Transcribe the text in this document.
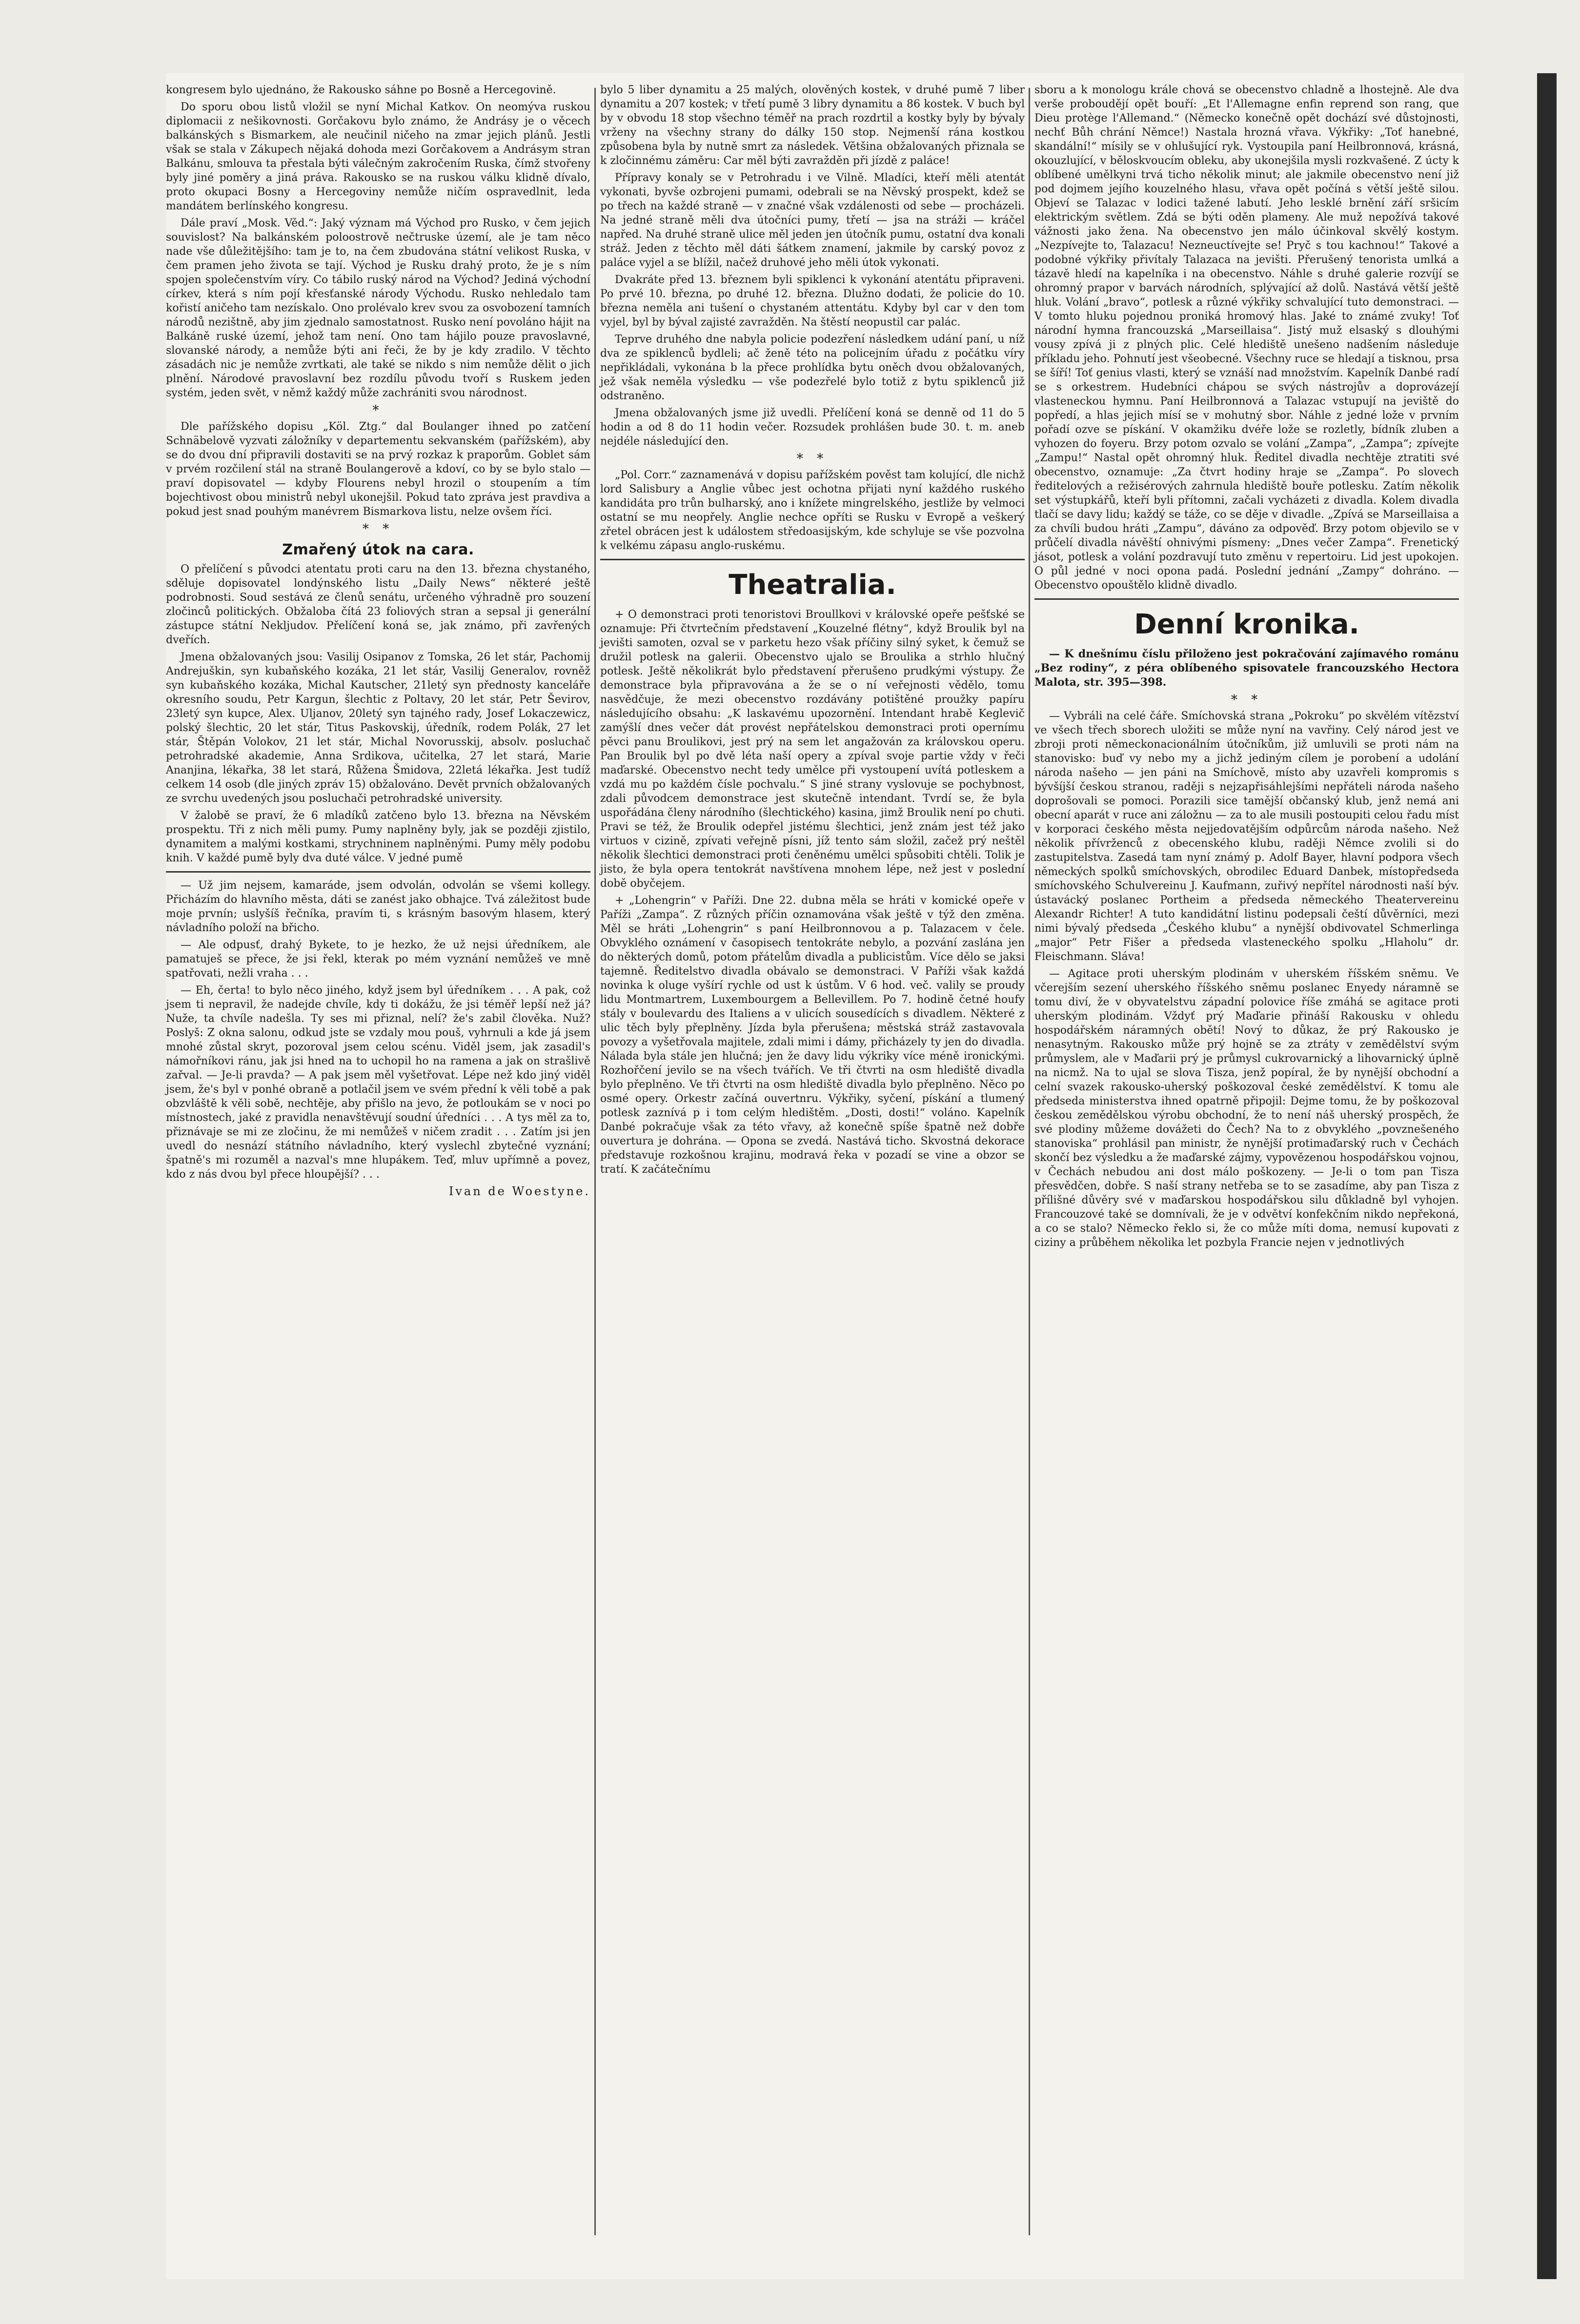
kongresem bylo ujednáno, že Rakousko sáhne po Bosně a Hercegovině.

Do sporu obou listů vložil se nyní Michal Katkov. On neomýva ruskou diplomacii z nešikovnosti. Gorčakovu bylo známo, že Andrásy je o věcech balkánských s Bismarkem, ale neučinil ničeho na zmar jejich plánů. Jestli však se stala v Zákupech nějaká dohoda mezi Gorčakovem a Andrásym stran Balkánu, smlouva ta přestala býti válečným zakročením Ruska, čímž stvořeny byly jiné poměry a jiná práva. Rakousko se na ruskou válku klidně dívalo, proto okupaci Bosny a Hercegoviny nemůže ničím ospravedlnit, leda mandátem berlínského kongresu.

Dále praví „Mosk. Věd.“: Jaký význam má Východ pro Rusko, v čem jejich souvislost? Na balkánském poloostrově nečtruske území, ale je tam něco nade vše důležitějšího: tam je to, na čem zbudována státní velikost Ruska, v čem pramen jeho života se tají. Východ je Rusku drahý proto, že je s ním spojen společenstvím víry. Co tábilo ruský národ na Východ? Jediná východní církev, která s ním pojí křesťanské národy Východu. Rusko nehledalo tam kořistí aničeho tam nezískalo. Ono prolévalo krev svou za osvobození tamních národů nezištně, aby jim zjednalo samostatnost. Rusko není povoláno hájit na Balkáně ruské území, jehož tam není. Ono tam hájilo pouze pravoslavné, slovanské národy, a nemůže býti ani řeči, že by je kdy zradilo. V těchto zásadách nic je nemůže zvrtkati, ale také se nikdo s nim nemůže dělit o jich plnění. Národové pravoslavní bez rozdílu původu tvoří s Ruskem jeden systém, jeden svět, v němž každý může zachrániti svou národnost.

*

Dle pařížského dopisu „Köl. Ztg.“ dal Boulanger ihned po zatčení Schnäbelově vyzvati záložníky v departementu sekvanském (pařížském), aby se do dvou dní připravili dostaviti se na prvý rozkaz k praporům. Goblet sám v prvém rozčilení stál na straně Boulangerově a kdoví, co by se bylo stalo — praví dopisovatel — kdyby Flourens nebyl hrozil o stoupením a tím bojechtivost obou ministrů nebyl ukonejšil. Pokud tato zpráva jest pravdiva a pokud jest snad pouhým manévrem Bismarkova listu, nelze ovšem říci.

* *
Zmařený útok na cara.

O přelíčení s původci atentatu proti caru na den 13. března chystaného, sděluje dopisovatel londýnského listu „Daily News“ některé ještě podrobnosti. Soud sestává ze členů senátu, určeného výhradně pro souzení zločinců politických. Obžaloba čítá 23 foliových stran a sepsal ji generální zástupce státní Nekljudov. Přelíčení koná se, jak známo, při zavřených dveřích.

Jmena obžalovaných jsou: Vasilij Osipanov z Tomska, 26 let stár, Pachomij Andrejuškin, syn kubaňského kozáka, 21 let stár, Vasilij Generalov, rovněž syn kubaňského kozáka, Michal Kautscher, 21letý syn přednosty kanceláře okresního soudu, Petr Kargun, šlechtic z Poltavy, 20 let stár, Petr Ševirov, 23letý syn kupce, Alex. Uljanov, 20letý syn tajného rady, Josef Lokaczewicz, polský šlechtic, 20 let stár, Titus Paskovskij, úředník, rodem Polák, 27 let stár, Štěpán Volokov, 21 let stár, Michal Novorusskij, absolv. posluchač petrohradské akademie, Anna Srdikova, učitelka, 27 let stará, Marie Ananjina, lékařka, 38 let stará, Růžena Šmidova, 22letá lékařka. Jest tudíž celkem 14 osob (dle jiných zpráv 15) obžalováno. Devět prvních obžalovaných ze svrchu uvedených jsou posluchači petrohradské university.

V žalobě se praví, že 6 mladíků zatčeno bylo 13. března na Něvském prospektu. Tři z nich měli pumy. Pumy naplněny byly, jak se později zjistilo, dynamitem a malými kostkami, strychninem naplněnými. Pumy měly podobu knih. V každé pumě byly dva duté válce. V jedné pumě

— Už jim nejsem, kamaráde, jsem odvolán, odvolán se všemi kollegy. Přicházím do hlavního města, dáti se zanést jako obhajce. Tvá záležitost bude moje prvnín; uslyšíš řečníka, pravím ti, s krásným basovým hlasem, který návladního položí na břicho.

— Ale odpusť, drahý Bykete, to je hezko, že už nejsi úředníkem, ale pamatuješ se přece, že jsi řekl, kterak po mém vyznání nemůžeš ve mně spatřovati, nežli vraha . . .

— Eh, čerta! to bylo něco jiného, když jsem byl úředníkem . . . A pak, což jsem ti nepravil, že nadejde chvíle, kdy ti dokážu, že jsi téměř lepší než já? Nuže, ta chvíle nadešla. Ty ses mi přiznal, nelí? že's zabil člověka. Nuž? Poslyš: Z okna salonu, odkud jste se vzdaly mou pouš, vyhrnuli a kde já jsem mnohé zůstal skryt, pozoroval jsem celou scénu. Viděl jsem, jak zasadil's námořníkovi ránu, jak jsi hned na to uchopil ho na ramena a jak on strašlivě zařval. — Je-li pravda? — A pak jsem měl vyšetřovat. Lépe než kdo jiný viděl jsem, že's byl v ponhé obraně a potlačil jsem ve svém přední k věli tobě a pak obzvláště k věli sobě, nechtěje, aby přišlo na jevo, že potloukám se v noci po místnostech, jaké z pravidla nenavštěvují soudní úředníci . . . A tys měl za to, přiznávaje se mi ze zločinu, že mi nemůžeš v ničem zradit . . . Zatím jsi jen uvedl do nesnází státního návladního, který vyslechl zbytečné vyznání; špatně's mi rozuměl a nazval's mne hlupákem. Teď, mluv upřímně a povez, kdo z nás dvou byl přece hloupější? . . .

Ivan de Woestyne.

bylo 5 liber dynamitu a 25 malých, olověných kostek, v druhé pumě 7 liber dynamitu a 207 kostek; v třetí pumě 3 libry dynamitu a 86 kostek. V buch byl by v obvodu 18 stop všechno téměř na prach rozdrtil a kostky byly by bývaly vrženy na všechny strany do dálky 150 stop. Nejmenší rána kostkou způsobena byla by nutně smrt za následek. Většina obžalovaných přiznala se k zločinnému záměru: Car měl býti zavražděn při jízdě z paláce!

Přípravy konaly se v Petrohradu i ve Vilně. Mladíci, kteří měli atentát vykonati, byvše ozbrojeni pumami, odebrali se na Něvský prospekt, kdež se po třech na každé straně — v značné však vzdálenosti od sebe — procházeli. Na jedné straně měli dva útočníci pumy, třetí — jsa na stráži — kráčel napřed. Na druhé straně ulice měl jeden jen útočník pumu, ostatní dva konali stráž. Jeden z těchto měl dáti šátkem znamení, jakmile by carský povoz z paláce vyjel a se blížil, načež druhové jeho měli útok vykonati.

Dvakráte před 13. březnem byli spiklenci k vykonání atentátu připraveni. Po prvé 10. března, po druhé 12. března. Dlužno dodati, že policie do 10. března neměla ani tušení o chystaném attentátu. Kdyby byl car v den tom vyjel, byl by býval zajisté zavražděn. Na štěstí neopustil car palác.

Teprve druhého dne nabyla policie podezření následkem udání paní, u níž dva ze spiklenců bydleli; ač ženě této na policejním úřadu z počátku víry nepřikládali, vykonána b la přece prohlídka bytu oněch dvou obžalovaných, jež však neměla výsledku — vše podezřelé bylo totiž z bytu spiklenců již odstraněno.

Jmena obžalovaných jsme již uvedli. Přelíčení koná se denně od 11 do 5 hodin a od 8 do 11 hodin večer. Rozsudek prohlášen bude 30. t. m. aneb nejdéle následující den.

* *

„Pol. Corr.“ zaznamenává v dopisu pařížském pověst tam kolující, dle nichž lord Salisbury a Anglie vůbec jest ochotna přijati nyní každého ruského kandidáta pro trůn bulharský, ano i knížete mingrelského, jestliže by velmoci ostatní se mu neopřely. Anglie nechce opříti se Rusku v Evropě a veškerý zřetel obrácen jest k událostem středoasijským, kde schyluje se vše pozvolna k velkému zápasu anglo-ruskému.

Theatralia.

+ O demonstraci proti tenoristovi Broullkovi v královské opeře pešťské se oznamuje: Při čtvrtečním představení „Kouzelné flétny“, když Broulik byl na jevišti samoten, ozval se v parketu hezo však příčiny silný syket, k čemuž se družil potlesk na galerii. Obecenstvo ujalo se Broulika a strhlo hlučný potlesk. Ještě několikrát bylo představení přerušeno prudkými výstupy. Že demonstrace byla připravována a že se o ní veřejnosti vědělo, tomu nasvědčuje, že mezi obecenstvo rozdávány potištěné proužky papíru následujícího obsahu: „K laskavému upozornění. Intendant hrabě Keglevič zamýšlí dnes večer dát provést nepřátelskou demonstraci proti opernímu pěvci panu Broulikovi, jest prý na sem let angažován za královskou operu. Pan Broulik byl po dvě léta naší opery a zpíval svoje partie vždy v řeči maďarské. Obecenstvo necht tedy umělce při vystoupení uvítá potleskem a vzdá mu po každém čísle pochvalu.“ S jiné strany vyslovuje se pochybnost, zdali původcem demonstrace jest skutečně intendant. Tvrdí se, že byla uspořádána členy národního (šlechtického) kasina, jimž Broulik není po chuti. Pravi se též, že Broulik odepřel jistému šlechtici, jenž znám jest též jako virtuos v cizině, zpívati veřejně písni, jíž tento sám složil, začež prý neštěl několik šlechtici demonstraci proti čeněnému umělci spůsobiti chtěli. Tolik je jisto, že byla opera tentokrát navštívena mnohem lépe, než jest v poslední době obyčejem.

+ „Lohengrin“ v Paříži. Dne 22. dubna měla se hráti v komické opeře v Paříži „Zampa“. Z různých příčin oznamována však ještě v týž den změna. Měl se hráti „Lohengrin“ s paní Heilbronnovou a p. Talazacem v čele. Obvyklého oznámení v časopisech tentokráte nebylo, a pozvání zaslána jen do některých domů, potom přátelům divadla a publicistům. Více dělo se jaksi tajemně. Ředitelstvo divadla obávalo se demonstraci. V Paříži však každá novinka k oluge vyšírí rychle od ust k ústům. V 6 hod. več. valily se proudy lidu Montmartrem, Luxembourgem a Bellevillem. Po 7. hodině četné houfy stály v boulevardu des Italiens a v ulicích sousedících s divadlem. Některé z ulic těch byly přeplněny. Jízda byla přerušena; městská stráž zastavovala povozy a vyšetřovala majitele, zdali mimi i dámy, přicházely ty jen do divadla. Nálada byla stále jen hlučná; jen že davy lidu výkriky více méně ironickými. Rozhořčení jevilo se na všech tvářích. Ve tři čtvrti na osm hlediště divadla bylo přeplněno. Ve tři čtvrti na osm hlediště divadla bylo přeplněno. Něco po osmé opery. Orkestr začíná ouvertnru. Výkřiky, syčení, pískání a tlumený potlesk zaznívá p i tom celým hledištěm. „Dosti, dosti!“ voláno. Kapelník Danbé pokračuje však za této vřavy, až konečně spíše špatně než dobře ouvertura je dohrána. — Opona se zvedá. Nastává ticho. Skvostná dekorace představuje rozkošnou krajinu, modravá řeka v pozadí se vine a obzor se tratí. K začátečnímu

sboru a k monologu krále chová se obecenstvo chladně a lhostejně. Ale dva verše proboudějí opět bouří: „Et l'Allemagne enfin reprend son rang, que Dieu protège l'Allemand.“ (Německo konečně opět dochází své důstojnosti, nechť Bůh chrání Němce!) Nastala hrozná vřava. Výkřiky: „Toť hanebné, skandální!“ mísily se v ohlušující ryk. Vystoupila paní Heilbronnová, krásná, okouzlující, v běloskvoucím obleku, aby ukonejšila mysli rozkvašené. Z úcty k oblíbené umělkyni trvá ticho několik minut; ale jakmile obecenstvo není již pod dojmem jejího kouzelného hlasu, vřava opět počíná s větší ještě silou. Objeví se Talazac v lodici tažené labutí. Jeho lesklé brnění září sršicím elektrickým světlem. Zdá se býti oděn plameny. Ale muž nepožívá takové vážnosti jako žena. Na obecenstvo jen málo účinkoval skvělý kostym. „Nezpívejte to, Talazacu! Nezneuctívejte se! Pryč s tou kachnou!“ Takové a podobné výkřiky přivítaly Talazaca na jevišti. Přerušený tenorista umlká a tázavě hledí na kapelníka i na obecenstvo. Náhle s druhé galerie rozvíjí se ohromný prapor v barvách národních, splývající až dolů. Nastává větší ještě hluk. Volání „bravo“, potlesk a různé výkřiky schvalující tuto demonstraci. — V tomto hluku pojednou proniká hromový hlas. Jaké to známé zvuky! Toť národní hymna francouzská „Marseillaisa“. Jistý muž elsaský s dlouhými vousy zpívá ji z plných plic. Celé hlediště unešeno nadšením následuje příkladu jeho. Pohnutí jest všeobecné. Všechny ruce se hledají a tisknou, prsa se šíří! Toť genius vlasti, který se vznáší nad množstvím. Kapelník Danbé radí se s orkestrem. Hudebníci chápou se svých nástrojův a doprovázejí vlasteneckou hymnu. Paní Heilbronnová a Talazac vstupují na jeviště do popředí, a hlas jejich mísí se v mohutný sbor. Náhle z jedné lože v prvním pořadí ozve se pískání. V okamžiku dvéře lože se rozletly, bídník zluben a vyhozen do foyeru. Brzy potom ozvalo se volání „Zampa“, „Zampa“; zpívejte „Zampu!“ Nastal opět ohromný hluk. Ředitel divadla nechtěje ztratiti své obecenstvo, oznamuje: „Za čtvrt hodiny hraje se „Zampa“. Po slovech ředitelových a režisérových zahrnula hlediště bouře potlesku. Zatím několik set výstupkářů, kteří byli přítomni, začali vycházeti z divadla. Kolem divadla tlačí se davy lidu; každý se táže, co se děje v divadle. „Zpívá se Marseillaisa a za chvíli budou hráti „Zampu“, dáváno za odpověď. Brzy potom objevilo se v průčelí divadla návěští ohnivými písmeny: „Dnes večer Zampa“. Frenetický jásot, potlesk a volání pozdravují tuto změnu v repertoiru. Lid jest upokojen. O půl jedné v noci opona padá. Poslední jednání „Zampy“ dohráno. — Obecenstvo opouštělo klidně divadlo.

Denní kronika.

— K dnešnímu číslu přiloženo jest pokračování zajímavého románu „Bez rodiny“, z péra oblíbeného spisovatele francouzského Hectora Malota, str. 395—398.

* *

— Vybráli na celé čáře. Smíchovská strana „Pokroku“ po skvělém vítězství ve všech třech sborech uložiti se může nyní na vavřiny. Celý národ jest ve zbroji proti německonacionálním útočníkům, již umluvili se proti nám na stanovisko: buď vy nebo my a jichž jediným cílem je porobení a udolání národa našeho — jen páni na Smíchově, místo aby uzavřeli kompromis s bývšíjší českou stranou, raději s nejzapřisáhlejšími nepřáteli národa našeho doprošovali se pomoci. Porazili sice tamější občanský klub, jenž nemá ani obecní aparát v ruce ani záložnu — za to ale musili postoupiti celou řadu míst v korporaci českého města nejjedovatějším odpůrcům národa našeho. Než několik přívrženců z obecenského klubu, raději Němce zvolili si do zastupitelstva. Zasedá tam nyní známý p. Adolf Bayer, hlavní podpora všech německých spolků smíchovských, obrodilec Eduard Danbek, místopředseda smíchovského Schulvereinu J. Kaufmann, zuřivý nepřítel národnosti naší býv. ústavácký poslanec Portheim a předseda německého Theatervereinu Alexandr Richter! A tuto kandidátní listinu podepsali čeští důvěrníci, mezi nimi bývalý předseda „Českého klubu“ a nynější obdivovatel Schmerlinga „major“ Petr Fišer a předseda vlasteneckého spolku „Hlaholu“ dr. Fleischmann. Sláva!

— Agitace proti uherským plodinám v uherském říšském sněmu. Ve včerejším sezení uherského říšského sněmu poslanec Enyedy náramně se tomu diví, že v obyvatelstvu západní polovice říše zmáhá se agitace proti uherským plodinám. Vždyť prý Maďarie přináší Rakousku v ohledu hospodářském náramných obětí! Nový to důkaz, že prý Rakousko je nenasytným. Rakousko může prý hojně se za ztráty v zemědělství svým průmyslem, ale v Maďarii prý je průmysl cukrovarnický a lihovarnický úplně na nicmž. Na to ujal se slova Tisza, jenž popíral, že by nynější obchodní a celní svazek rakousko-uherský poškozoval české zemědělství. K tomu ale předseda ministerstva ihned opatrně připojil: Dejme tomu, že by poškozoval českou zemědělskou výrobu obchodní, že to není náš uherský prospěch, že své plodiny můžeme dovážeti do Čech? Na to z obvyklého „povznešeného stanoviska“ prohlásil pan ministr, že nynější protimaďarský ruch v Čechách skončí bez výsledku a že maďarské zájmy, vypovězenou hospodářskou vojnou, v Čechách nebudou ani dost málo poškozeny. — Je-li o tom pan Tisza přesvědčen, dobře. S naší strany netřeba se to se zasadíme, aby pan Tisza z přílišné důvěry své v maďarskou hospodářskou silu důkladně byl vyhojen. Francouzové také se domnívali, že je v odvětví konfekčním nikdo nepřekoná, a co se stalo? Německo řeklo si, že co může míti doma, nemusí kupovati z ciziny a průběhem několika let pozbyla Francie nejen v jednotlivých
